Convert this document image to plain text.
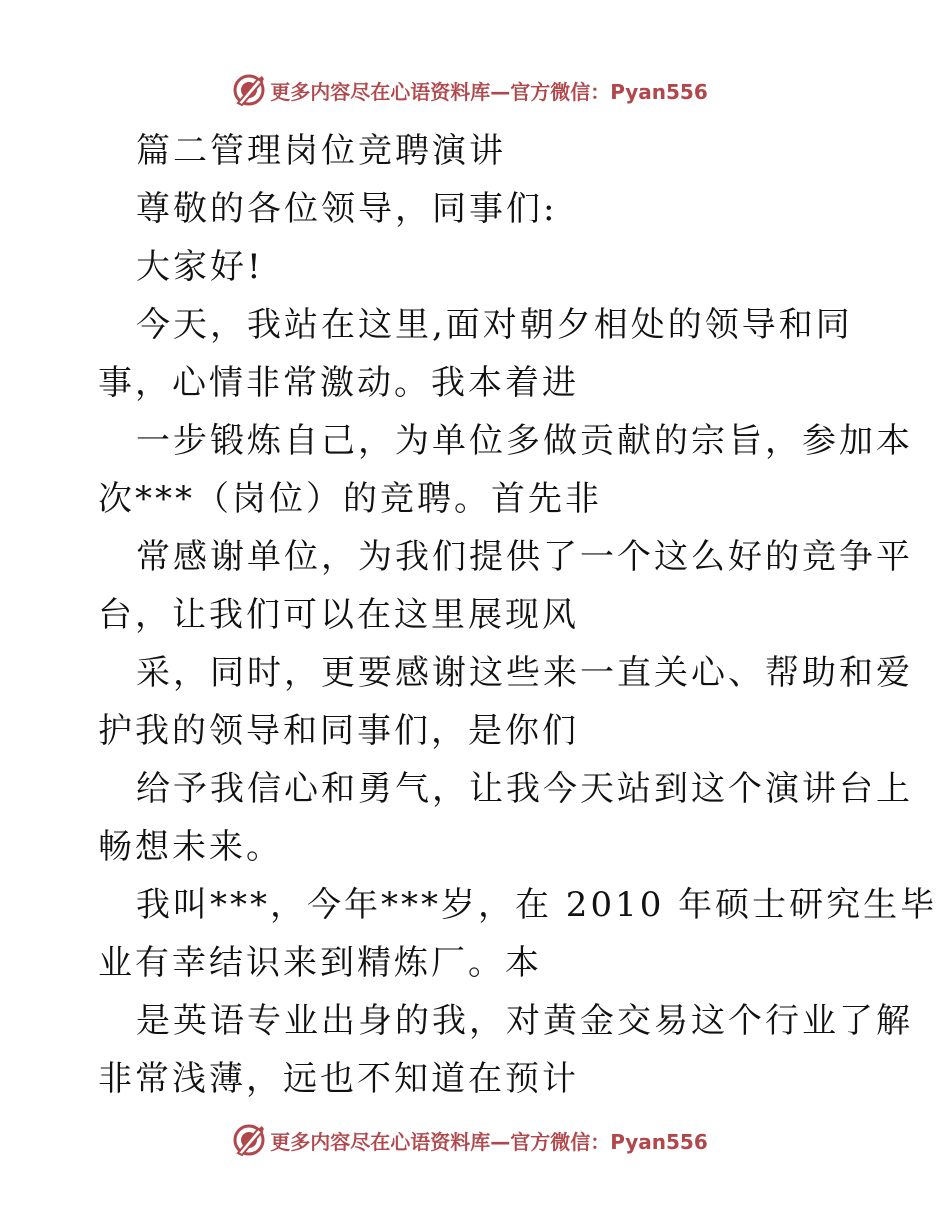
更多内容尽在心语资料库—官方微信：Pyan556

篇二管理岗位竞聘演讲

尊敬的各位领导，同事们:

大家好!

今天，我站在这里,面对朝夕相处的领导和同

事，心情非常激动。我本着进

一步锻炼自己，为单位多做贡献的宗旨，参加本

次***（岗位）的竞聘。首先非

常感谢单位，为我们提供了一个这么好的竞争平

台，让我们可以在这里展现风

采，同时，更要感谢这些来一直关心、帮助和爱

护我的领导和同事们，是你们

给予我信心和勇气，让我今天站到这个演讲台上

畅想未来。

我叫***，今年***岁，在 2010 年硕士研究生毕

业有幸结识来到精炼厂。本

是英语专业出身的我，对黄金交易这个行业了解

非常浅薄，远也不知道在预计

更多内容尽在心语资料库—官方微信：Pyan556
